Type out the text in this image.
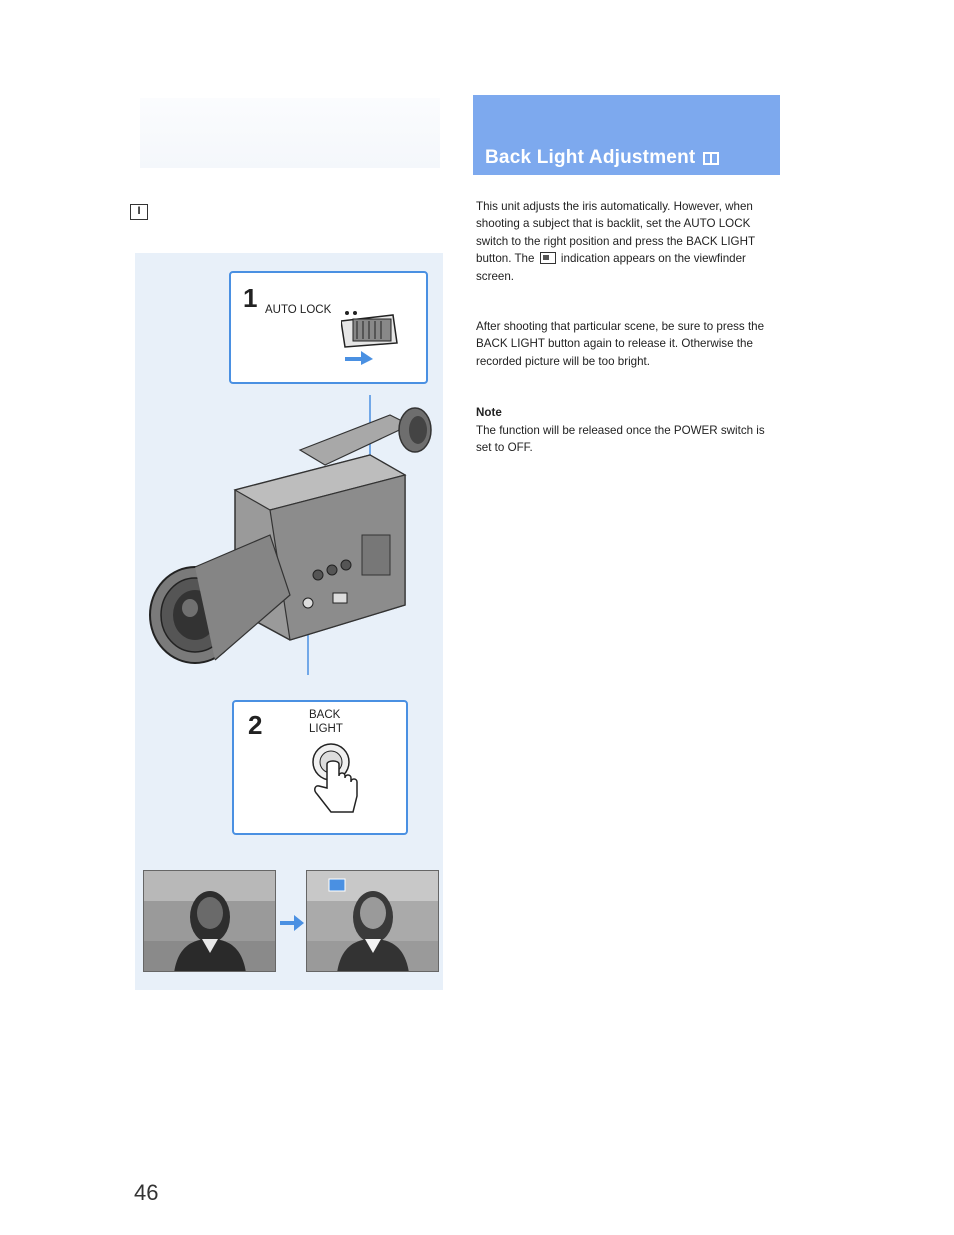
I
Back Light Adjustment
This unit adjusts the iris automatically. However, when shooting a subject that is backlit, set the AUTO LOCK switch to the right position and press the BACK LIGHT button. The indication appears on the viewfinder screen.
After shooting that particular scene, be sure to press the BACK LIGHT button again to release it. Otherwise the recorded picture will be too bright.
Note
The function will be released once the POWER switch is set to OFF.
1 AUTO LOCK
2	BACK
LIGHT
46
